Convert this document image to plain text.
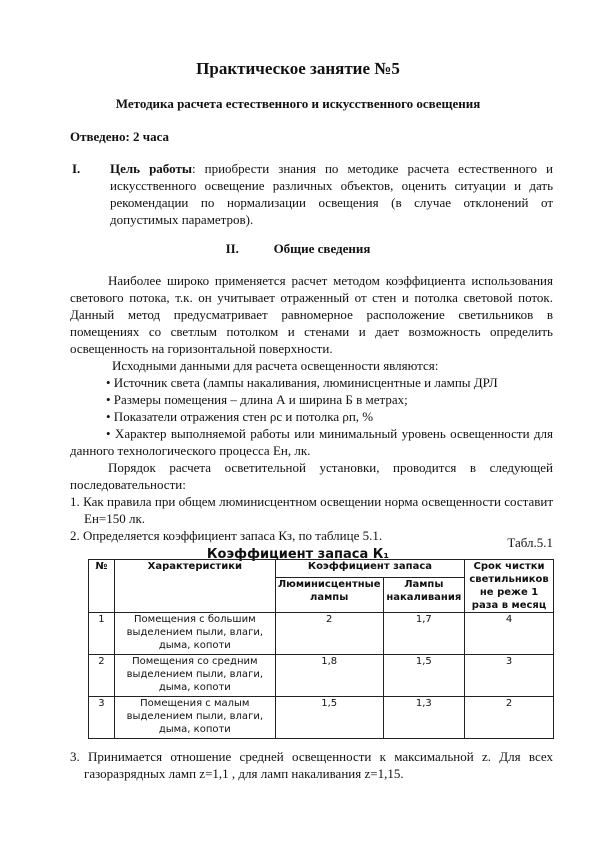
Практическое занятие №5
Методика расчета естественного и искусственного освещения
Отведено: 2 часа
I. Цель работы: приобрести знания по методике расчета естественного и искусственного освещение различных объектов, оценить ситуации и дать рекомендации по нормализации освещения (в случае отклонений от допустимых параметров).
II.	Общие сведения

Наиболее широко применяется расчет методом коэффициента использования светового потока, т.к. он учитывает отраженный от стен и потолка световой поток. Данный метод предусматривает равномерное расположение светильников в помещениях со светлым потолком и стенами и дает возможность определить освещенность на горизонтальной поверхности.

Исходными данными для расчета освещенности являются:

• Источник света (лампы накаливания, люминисцентные и лампы ДРЛ

• Размеры помещения – длина А и ширина Б в метрах;

• Показатели отражения стен ρс и потолка ρп, %

• Характер выполняемой работы или минимальный уровень освещенности для данного технологического процесса Ен, лк.

Порядок расчета осветительной установки, проводится в следующей последовательности:

1. Как правила при общем люминисцентном освещении норма освещенности составит Ен=150 лк.

2. Определяется коэффициент запаса Кз, по таблице 5.1.	Табл.5.1
Коэффициент запаса К₁
№	Характеристики	Коэффициент запаса		Срок чистки светильников не реже 1 раза в месяц
		Люминисцентные лампы	Лампы накаливания	
1	Помещения с большим выделением пыли, влаги, дыма, копоти	2	1,7	4
2	Помещения со средним выделением пыли, влаги, дыма, копоти	1,8	1,5	3
3	Помещения с малым выделением пыли, влаги, дыма, копоти	1,5	1,3	2

3. Принимается отношение средней освещенности к максимальной z. Для всех газоразрядных ламп z=1,1 , для ламп накаливания z=1,15.
